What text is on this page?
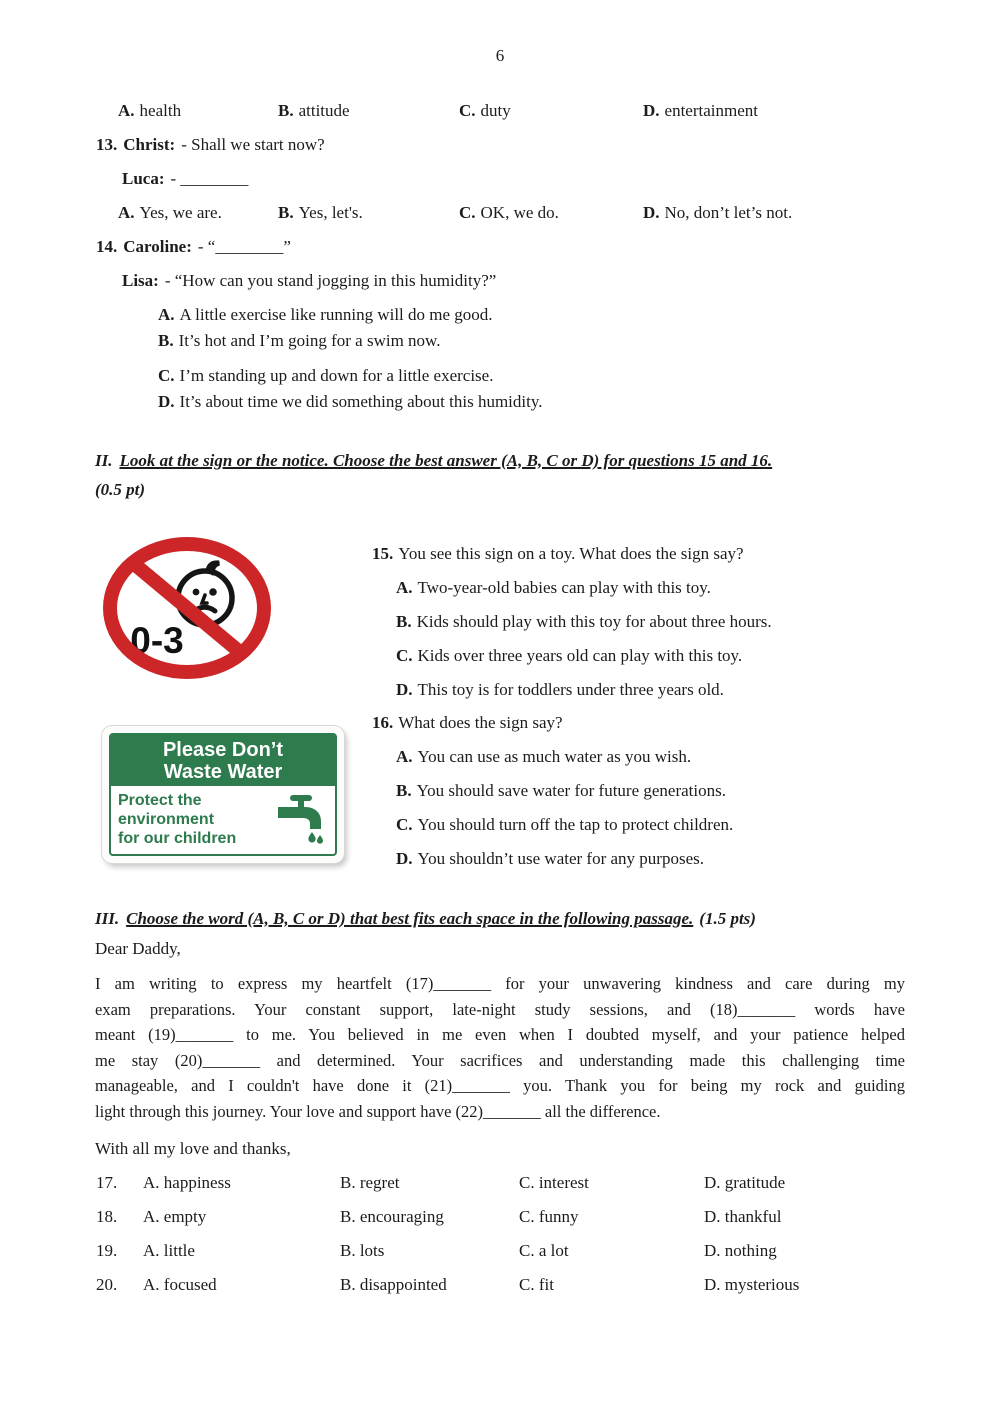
6
A. health	B. attitude	C. duty	D. entertainment
13. Christ: - Shall we start now?
Luca: - ________
A. Yes, we are.	B. Yes, let's.	C. OK, we do.	D. No, don’t let’s not.
14. Caroline: - “________”
Lisa: - “How can you stand jogging in this humidity?”
A. A little exercise like running will do me good.
B. It’s hot and I’m going for a swim now.
C. I’m standing up and down for a little exercise.
D. It’s about time we did something about this humidity.
II. Look at the sign or the notice. Choose the best answer (A, B, C or D) for questions 15 and 16.
(0.5 pt)
0-3
15. You see this sign on a toy. What does the sign say?
A. Two-year-old babies can play with this toy.
B. Kids should play with this toy for about three hours.
C. Kids over three years old can play with this toy.
D. This toy is for toddlers under three years old.
16. What does the sign say?
A. You can use as much water as you wish.
B. You should save water for future generations.
C. You should turn off the tap to protect children.
D. You shouldn’t use water for any purposes.
Please Don’t
Waste Water
Protect the
environment
for our children
III. Choose the word (A, B, C or D) that best fits each space in the following passage. (1.5 pts)
Dear Daddy,
I am writing to express my heartfelt (17)_______ for your unwavering kindness and care during my
exam preparations. Your constant support, late-night study sessions, and (18)_______ words have
meant (19)_______ to me. You believed in me even when I doubted myself, and your patience helped
me stay (20)_______ and determined. Your sacrifices and understanding made this challenging time
manageable, and I couldn't have done it (21)_______ you. Thank you for being my rock and guiding
light through this journey. Your love and support have (22)_______ all the difference.
With all my love and thanks,
17. A. happiness	B. regret	C. interest	D. gratitude
18. A. empty	B. encouraging	C. funny	D. thankful
19. A. little	B. lots	C. a lot	D. nothing
20. A. focused	B. disappointed	C. fit	D. mysterious
